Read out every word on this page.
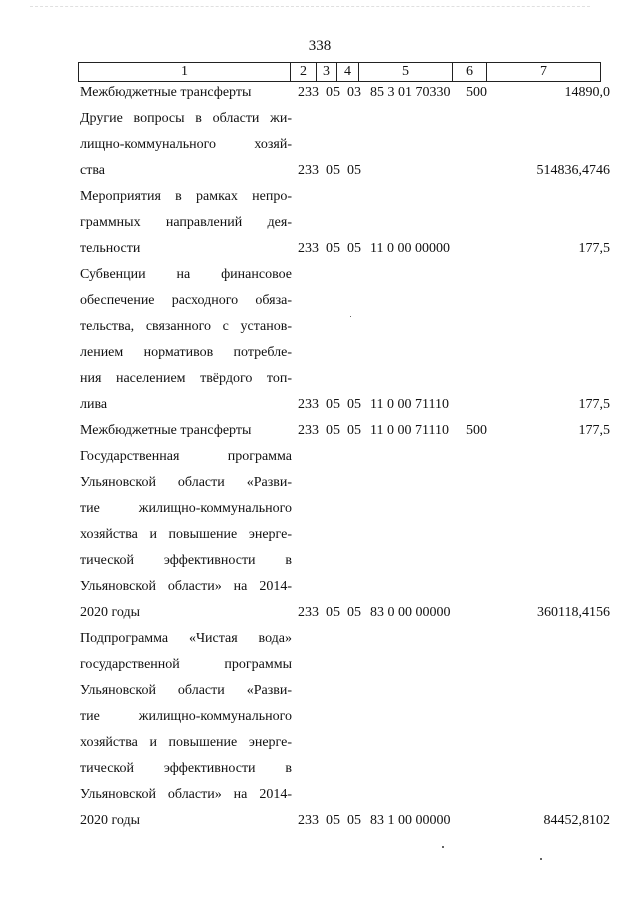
338
1	2	3	4	5	6	7
Межбюджетные трансферты	233 05 03 85 3 01 70330	500	14890,0
Другие вопросы в области жи-
лищно-коммунального хозяй-
ства	233 05 05	514836,4746
Мероприятия в рамках непро-
граммных направлений дея-
тельности	233 05 05 11 0 00 00000	177,5
Субвенции на финансовое
обеспечение расходного обяза-
тельства, связанного с установ-
лением нормативов потребле-
ния населением твёрдого топ-
лива	233 05 05 11 0 00 71110	177,5
Межбюджетные трансферты	233 05 05 11 0 00 71110	500	177,5
Государственная программа
Ульяновской области «Разви-
тие жилищно-коммунального
хозяйства и повышение энерге-
тической эффективности в
Ульяновской области» на 2014-
2020 годы	233 05 05 83 0 00 00000	360118,4156
Подпрограмма «Чистая вода»
государственной программы
Ульяновской области «Разви-
тие жилищно-коммунального
хозяйства и повышение энерге-
тической эффективности в
Ульяновской области» на 2014-
2020 годы	233 05 05 83 1 00 00000	84452,8102
